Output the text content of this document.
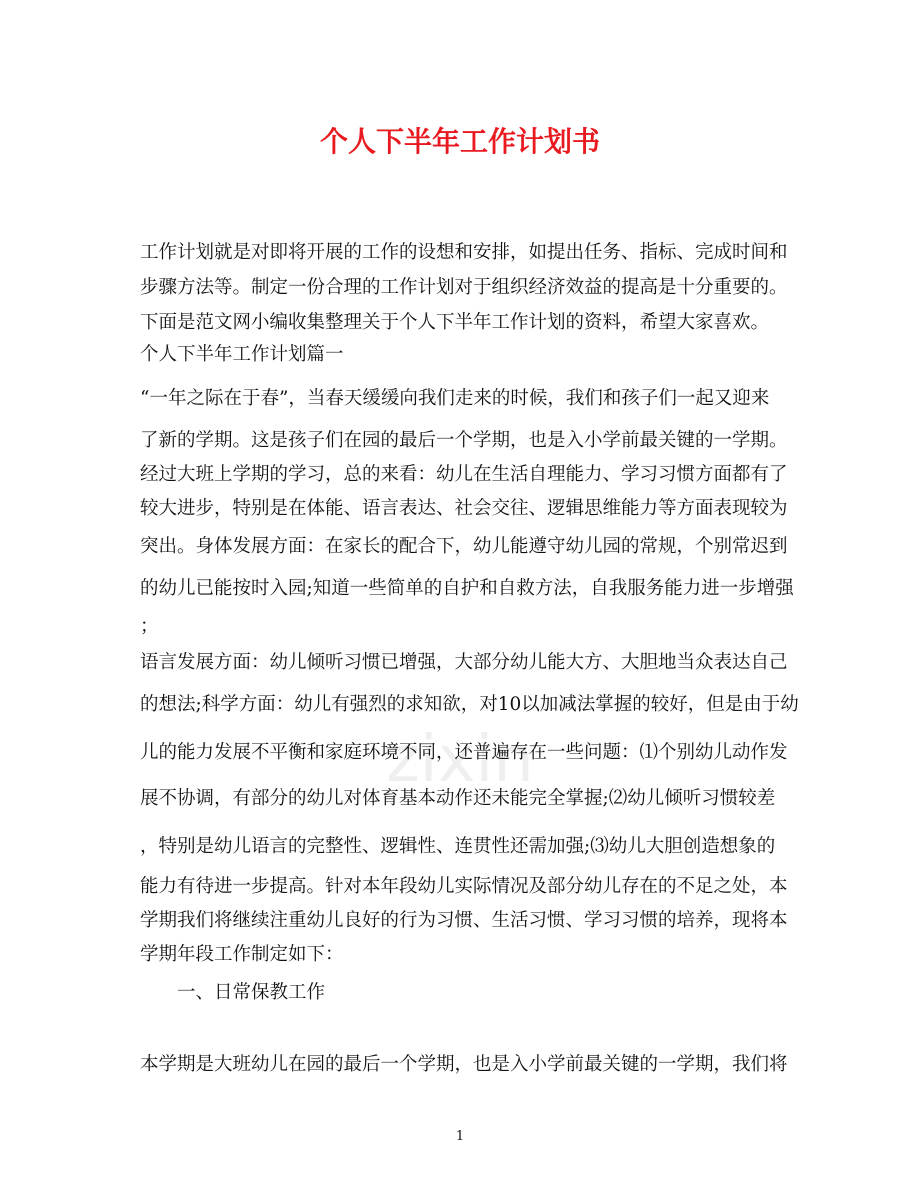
zixin
个人下半年工作计划书

工作计划就是对即将开展的工作的设想和安排，如提出任务、指标、完成时间和

步骤方法等。制定一份合理的工作计划对于组织经济效益的提高是十分重要的。

下面是范文网小编收集整理关于个人下半年工作计划的资料，希望大家喜欢。

个人下半年工作计划篇一

“一年之际在于春”，当春天缓缓向我们走来的时候，我们和孩子们一起又迎来

了新的学期。这是孩子们在园的最后一个学期，也是入小学前最关键的一学期。

经过大班上学期的学习，总的来看：幼儿在生活自理能力、学习习惯方面都有了

较大进步，特别是在体能、语言表达、社会交往、逻辑思维能力等方面表现较为

突出。身体发展方面：在家长的配合下，幼儿能遵守幼儿园的常规，个别常迟到

的幼儿已能按时入园;知道一些简单的自护和自救方法，自我服务能力进一步增强

；

语言发展方面：幼儿倾听习惯已增强，大部分幼儿能大方、大胆地当众表达自己

的想法;科学方面：幼儿有强烈的求知欲，对10以加减法掌握的较好，但是由于幼

儿的能力发展不平衡和家庭环境不同，还普遍存在一些问题：⑴个别幼儿动作发

展不协调，有部分的幼儿对体育基本动作还未能完全掌握;⑵幼儿倾听习惯较差

，特别是幼儿语言的完整性、逻辑性、连贯性还需加强;⑶幼儿大胆创造想象的

能力有待进一步提高。针对本年段幼儿实际情况及部分幼儿存在的不足之处，本

学期我们将继续注重幼儿良好的行为习惯、生活习惯、学习习惯的培养，现将本

学期年段工作制定如下：

　　一、日常保教工作

本学期是大班幼儿在园的最后一个学期，也是入小学前最关键的一学期，我们将

1
